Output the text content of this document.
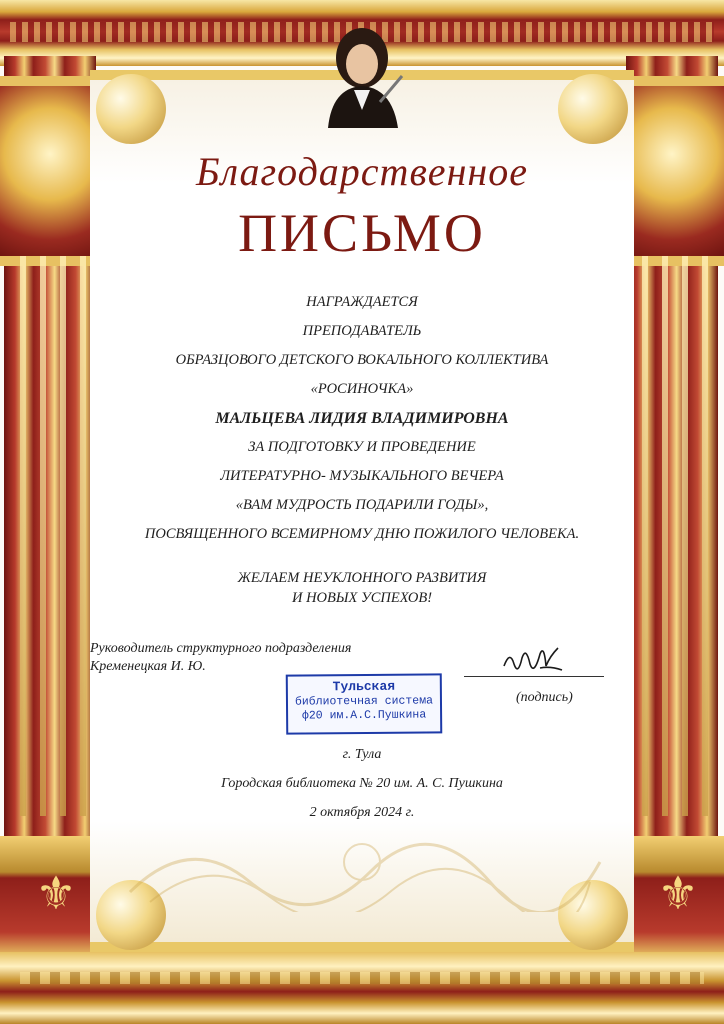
⚜	⚜
Благодарственное
ПИСЬМО
НАГРАЖДАЕТСЯ
ПРЕПОДАВАТЕЛЬ
ОБРАЗЦОВОГО ДЕТСКОГО ВОКАЛЬНОГО КОЛЛЕКТИВА
«РОСИНОЧКА»
МАЛЬЦЕВА ЛИДИЯ ВЛАДИМИРОВНА
ЗА ПОДГОТОВКУ И ПРОВЕДЕНИЕ
ЛИТЕРАТУРНО- МУЗЫКАЛЬНОГО ВЕЧЕРА
«ВАМ МУДРОСТЬ ПОДАРИЛИ ГОДЫ»,
ПОСВЯЩЕННОГО ВСЕМИРНОМУ ДНЮ ПОЖИЛОГО ЧЕЛОВЕКА.
ЖЕЛАЕМ НЕУКЛОННОГО РАЗВИТИЯ
И НОВЫХ УСПЕХОВ!
Руководитель структурного подразделения
Кременецкая И. Ю.
(подпись)
Тульская
библиотечная система
ф20 им.А.С.Пушкина
г. Тула
Городская библиотека № 20 им. А. С. Пушкина
2 октября 2024 г.
